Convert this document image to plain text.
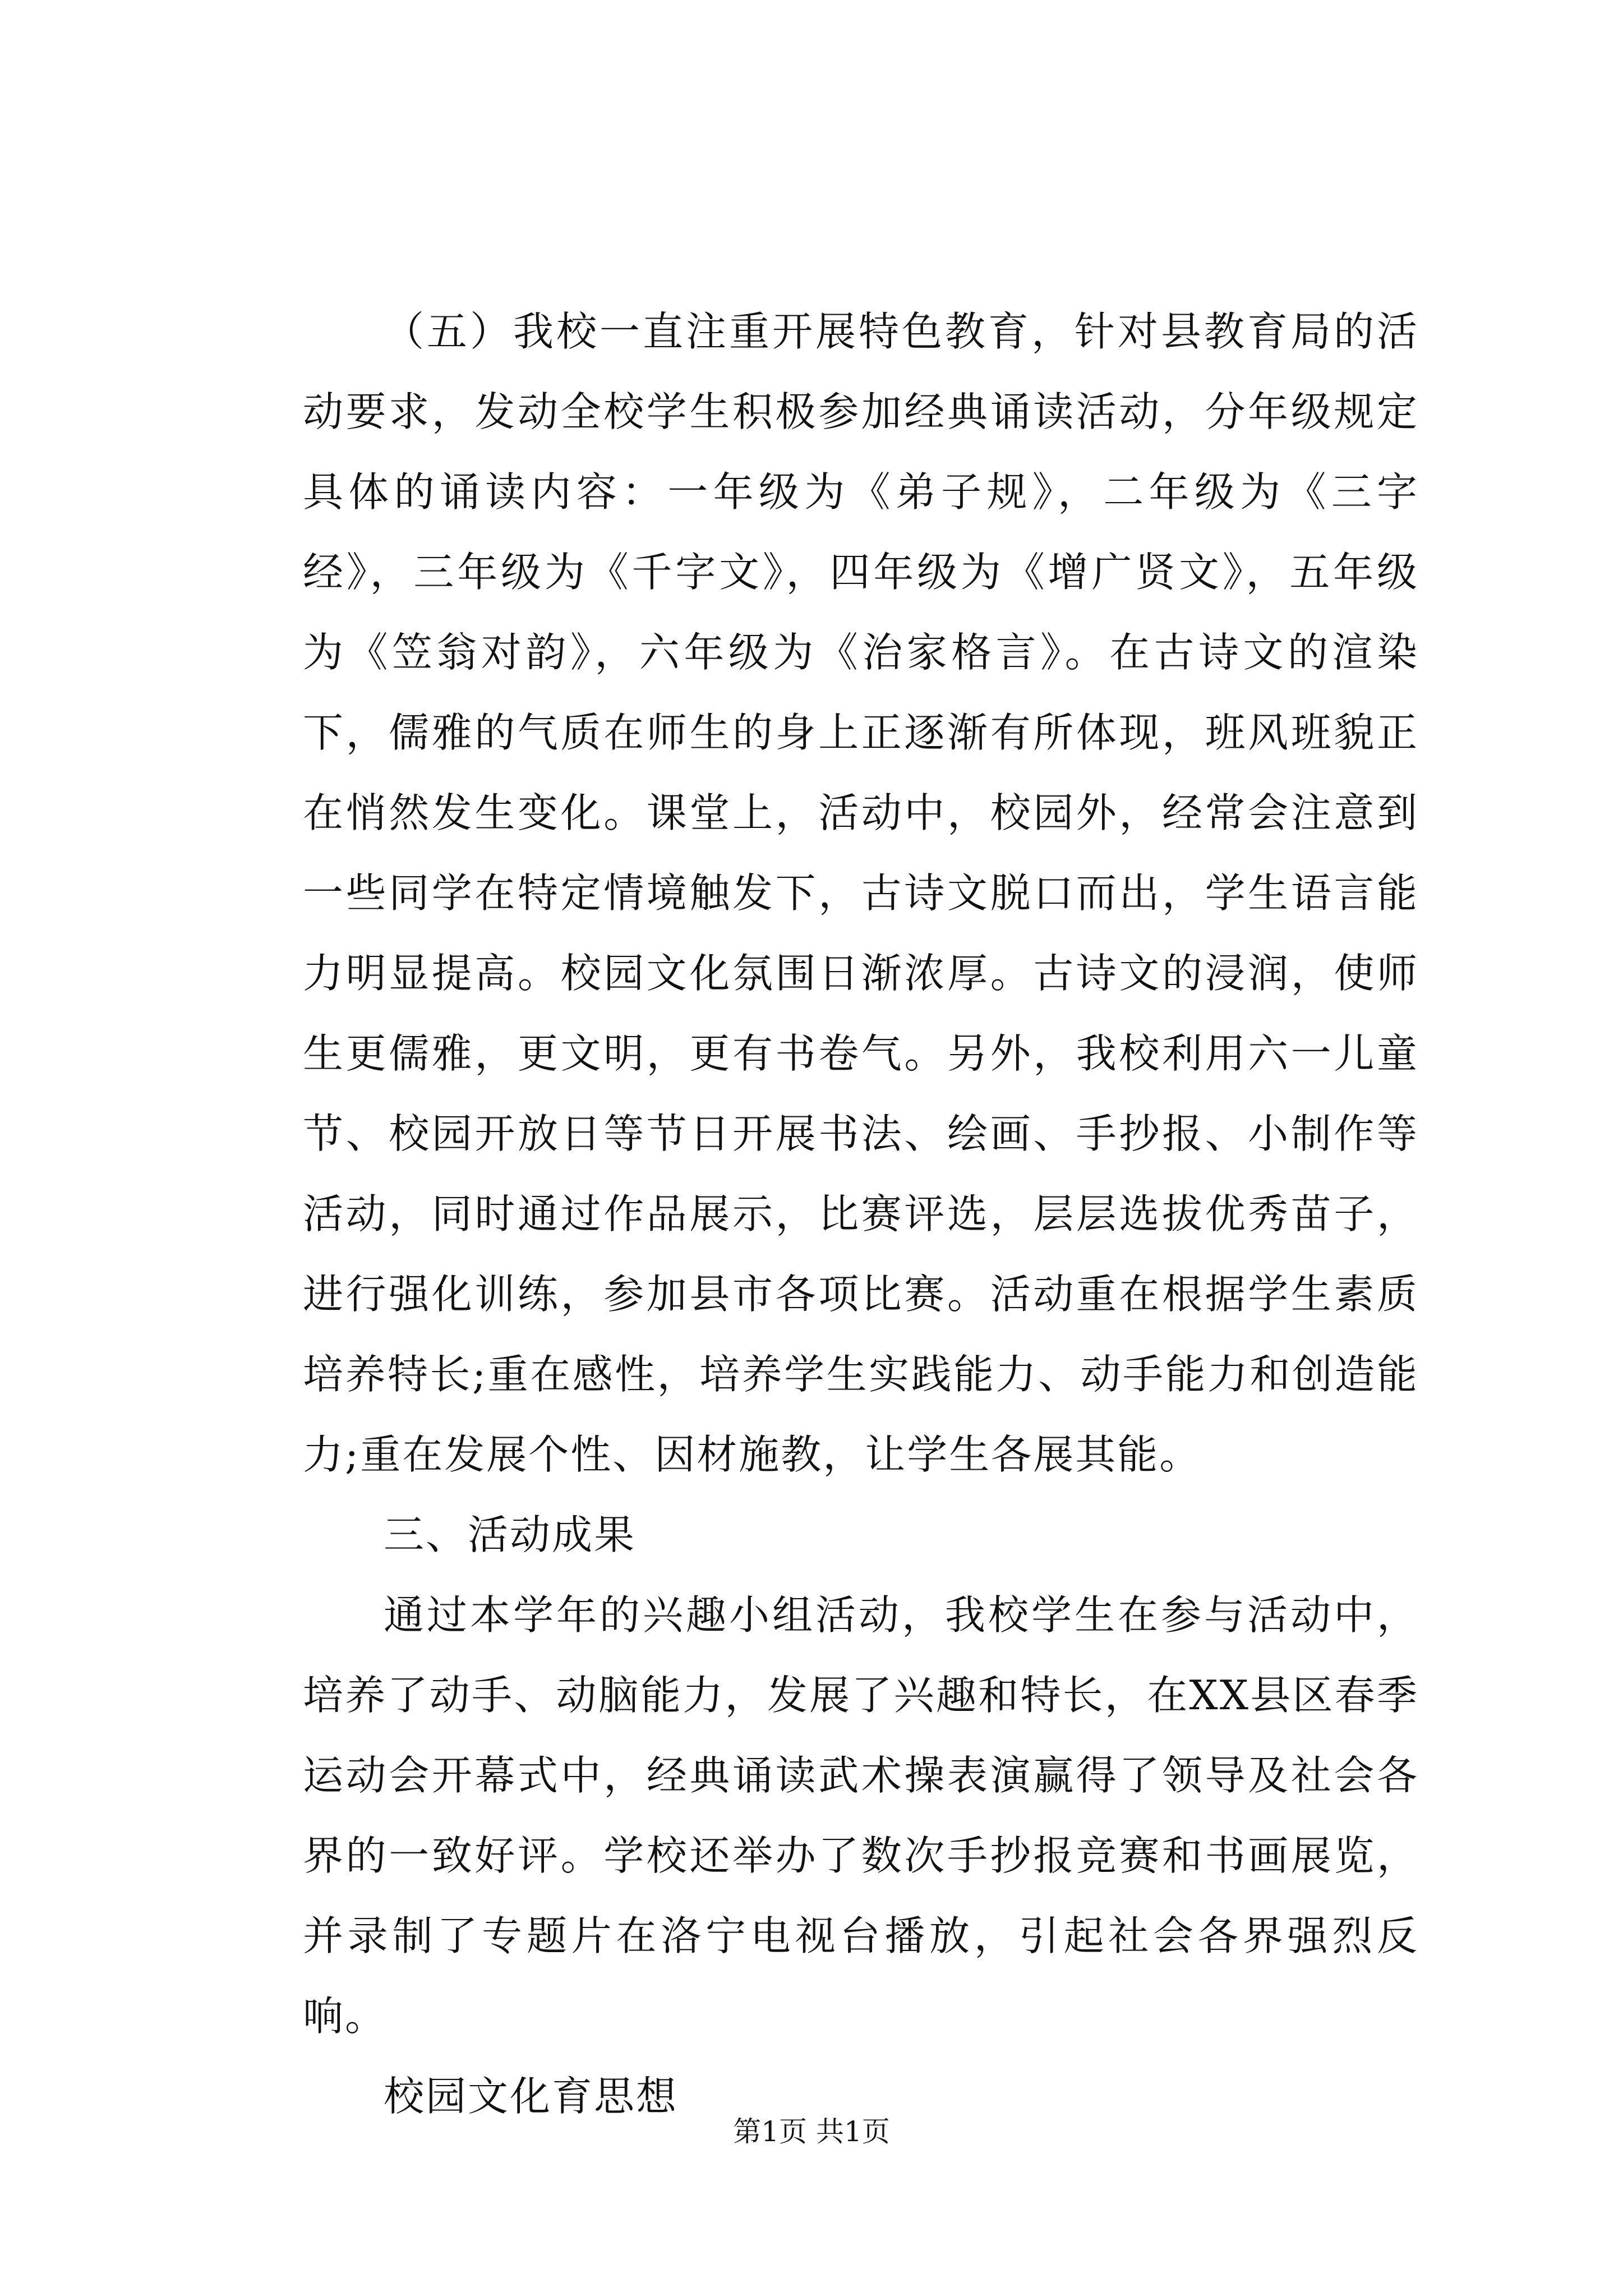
（五）我校一直注重开展特色教育，针对县教育局的活动要求，发动全校学生积极参加经典诵读活动，分年级规定具体的诵读内容：一年级为《弟子规》，二年级为《三字经》，三年级为《千字文》，四年级为《增广贤文》，五年级为《笠翁对韵》，六年级为《治家格言》。在古诗文的渲染下，儒雅的气质在师生的身上正逐渐有所体现，班风班貌正在悄然发生变化。课堂上，活动中，校园外，经常会注意到一些同学在特定情境触发下，古诗文脱口而出，学生语言能力明显提高。校园文化氛围日渐浓厚。古诗文的浸润，使师生更儒雅，更文明，更有书卷气。另外，我校利用六一儿童节、校园开放日等节日开展书法、绘画、手抄报、小制作等活动，同时通过作品展示，比赛评选，层层选拔优秀苗子，进行强化训练，参加县市各项比赛。活动重在根据学生素质培养特长;重在感性，培养学生实践能力、动手能力和创造能力;重在发展个性、因材施教，让学生各展其能。

三、活动成果

通过本学年的兴趣小组活动，我校学生在参与活动中，培养了动手、动脑能力，发展了兴趣和特长，在XX县区春季运动会开幕式中，经典诵读武术操表演赢得了领导及社会各界的一致好评。学校还举办了数次手抄报竞赛和书画展览，并录制了专题片在洛宁电视台播放，引起社会各界强烈反响。

校园文化育思想

第1页 共1页
